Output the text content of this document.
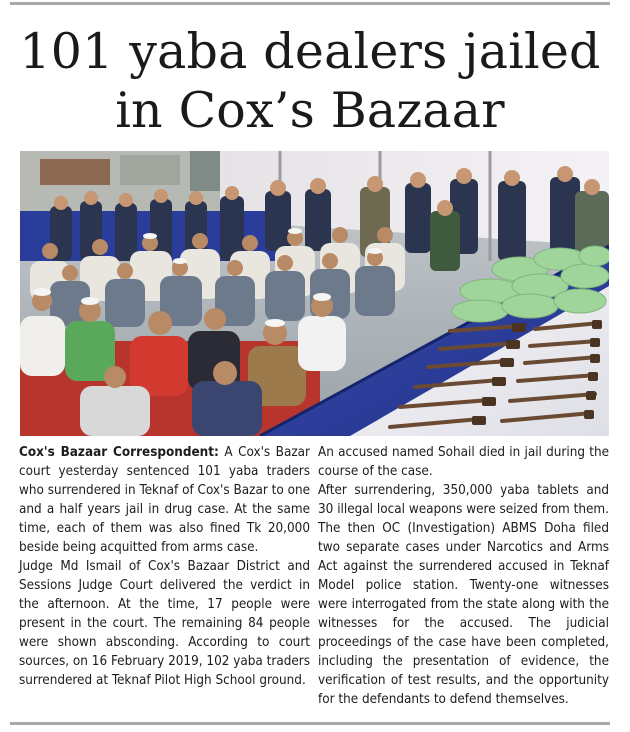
101 yaba dealers jailed
in Cox’s Bazaar

Cox's Bazaar Correspondent: A Cox's Bazar court yesterday sentenced 101 yaba traders who surrendered in Teknaf of Cox's Bazar to one and a half years jail in drug case. At the same time, each of them was also fined Tk 20,000 beside being acquitted from arms case.

Judge Md Ismail of Cox's Bazaar District and Sessions Judge Court delivered the verdict in the afternoon. At the time, 17 people were present in the court. The remaining 84 people were shown absconding. According to court sources, on 16 February 2019, 102 yaba traders surrendered at Teknaf Pilot High School ground.

An accused named Sohail died in jail during the course of the case.

After surrendering, 350,000 yaba tablets and 30 illegal local weapons were seized from them. The then OC (Investigation) ABMS Doha filed two separate cases under Narcotics and Arms Act against the surrendered accused in Teknaf Model police station. Twenty-one witnesses were interrogated from the state along with the witnesses for the accused. The judicial proceedings of the case have been completed, including the presentation of evidence, the verification of test results, and the opportunity for the defendants to defend themselves.
